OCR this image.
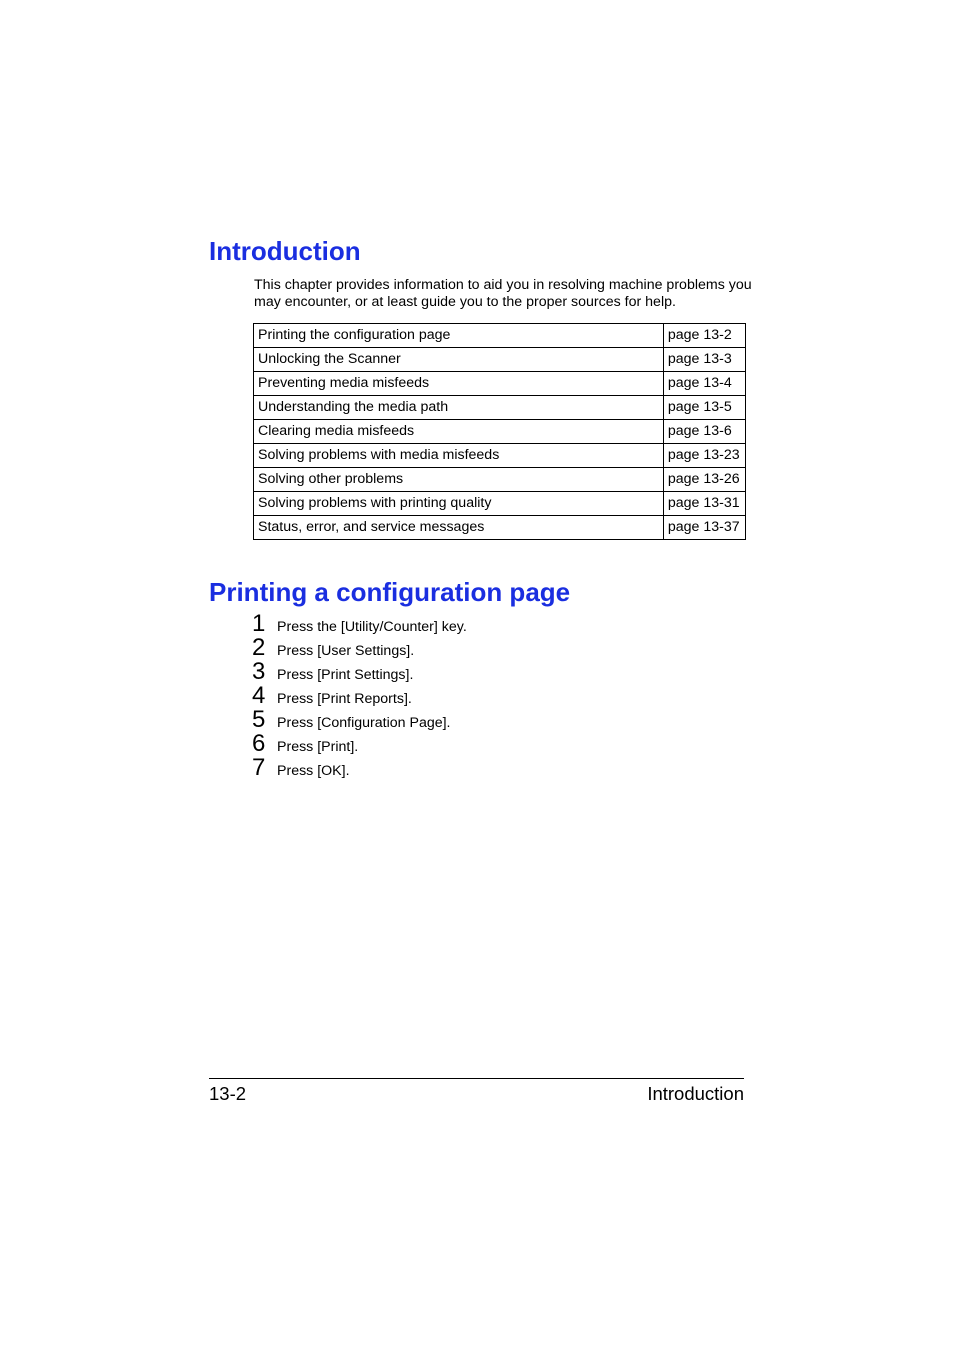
Introduction

This chapter provides information to aid you in resolving machine problems you may encounter, or at least guide you to the proper sources for help.

Printing the configuration page	page 13-2
Unlocking the Scanner	page 13-3
Preventing media misfeeds	page 13-4
Understanding the media path	page 13-5
Clearing media misfeeds	page 13-6
Solving problems with media misfeeds	page 13-23
Solving other problems	page 13-26
Solving problems with printing quality	page 13-31
Status, error, and service messages	page 13-37
Printing a configuration page
1 Press the [Utility/Counter] key.
2 Press [User Settings].
3 Press [Print Settings].
4 Press [Print Reports].
5 Press [Configuration Page].
6 Press [Print].
7 Press [OK].
13-2	Introduction
